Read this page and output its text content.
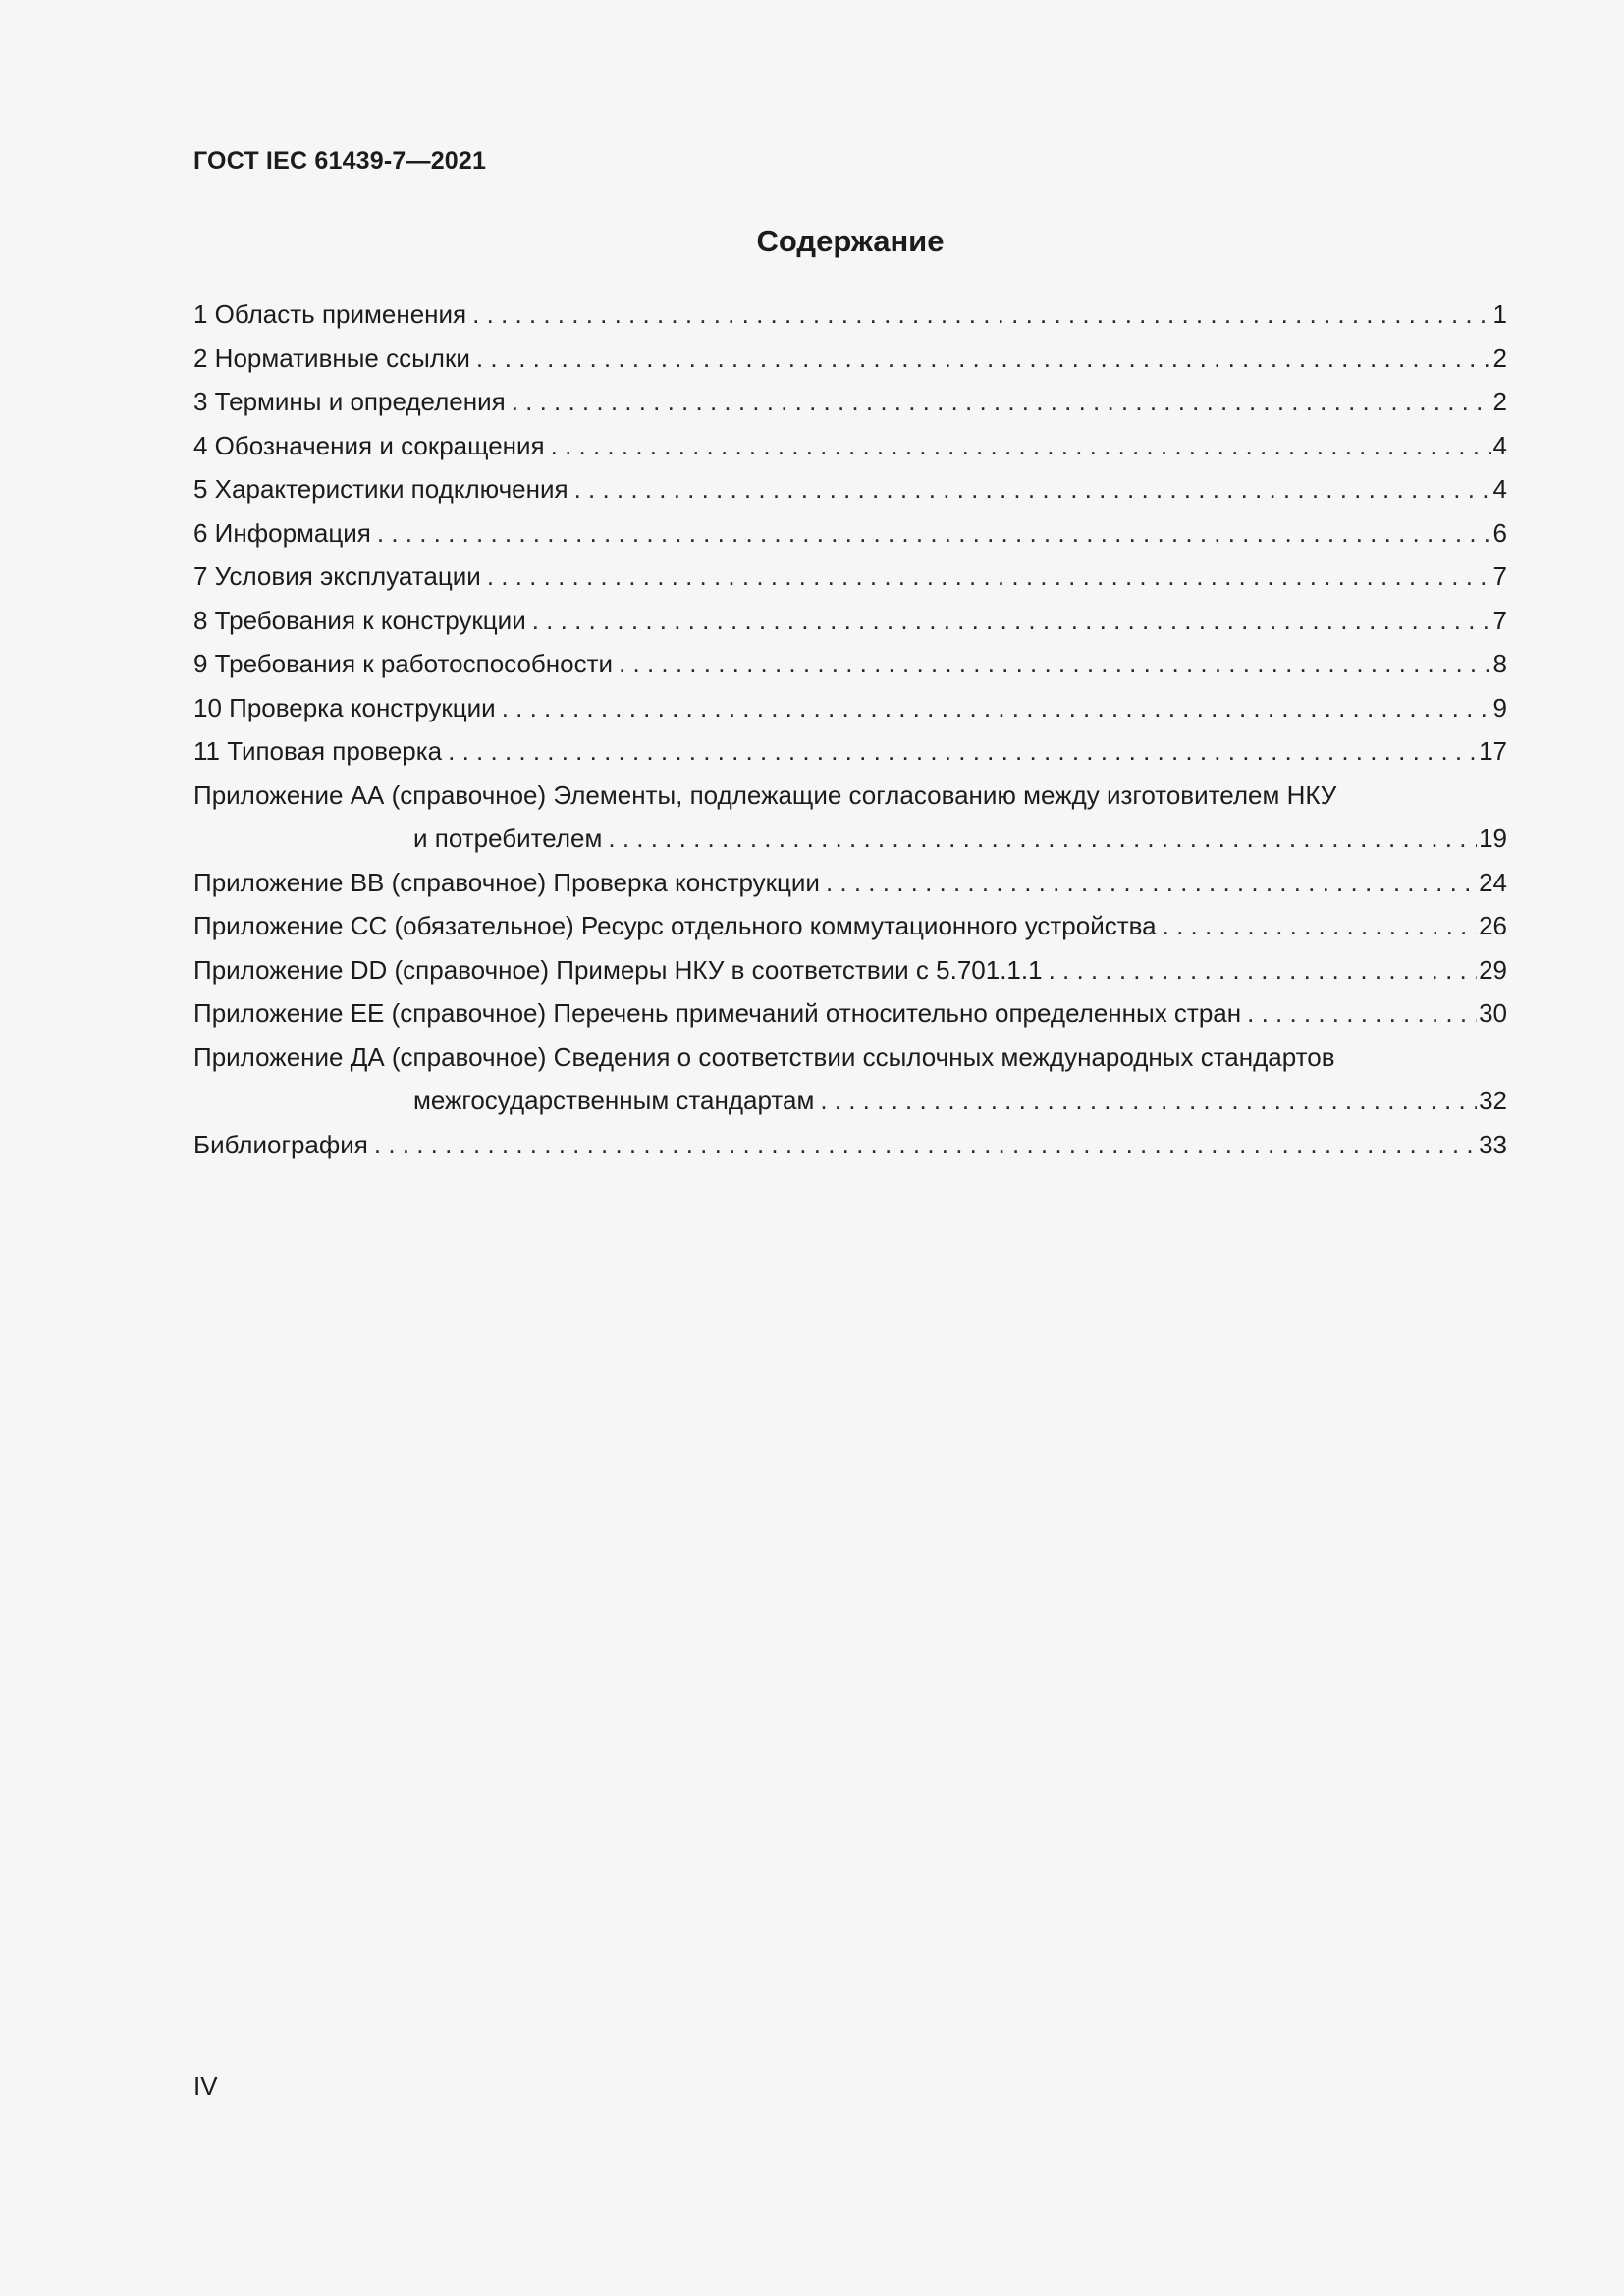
ГОСТ IEC 61439-7—2021
Содержание
1 Область применения . . .	1
2 Нормативные ссылки . . .	2
3 Термины и определения . . .	2
4 Обозначения и сокращения . . .	4
5 Характеристики подключения . . .	4
6 Информация . . .	6
7 Условия эксплуатации . . .	7
8 Требования к конструкции . . .	7
9 Требования к работоспособности . . .	8
10 Проверка конструкции . . .	9
11 Типовая проверка . . .	17
Приложение АА (справочное) Элементы, подлежащие согласованию между изготовителем НКУ
и потребителем . . .	19
Приложение ВВ (справочное) Проверка конструкции . . .	24
Приложение СС (обязательное) Ресурс отдельного коммутационного устройства . . .	26
Приложение DD (справочное) Примеры НКУ в соответствии с 5.701.1.1 . . .	29
Приложение ЕЕ (справочное) Перечень примечаний относительно определенных стран . . .	30
Приложение ДА (справочное) Сведения о соответствии ссылочных международных стандартов
межгосударственным стандартам . . .	32
Библиография . . .	33
IV
